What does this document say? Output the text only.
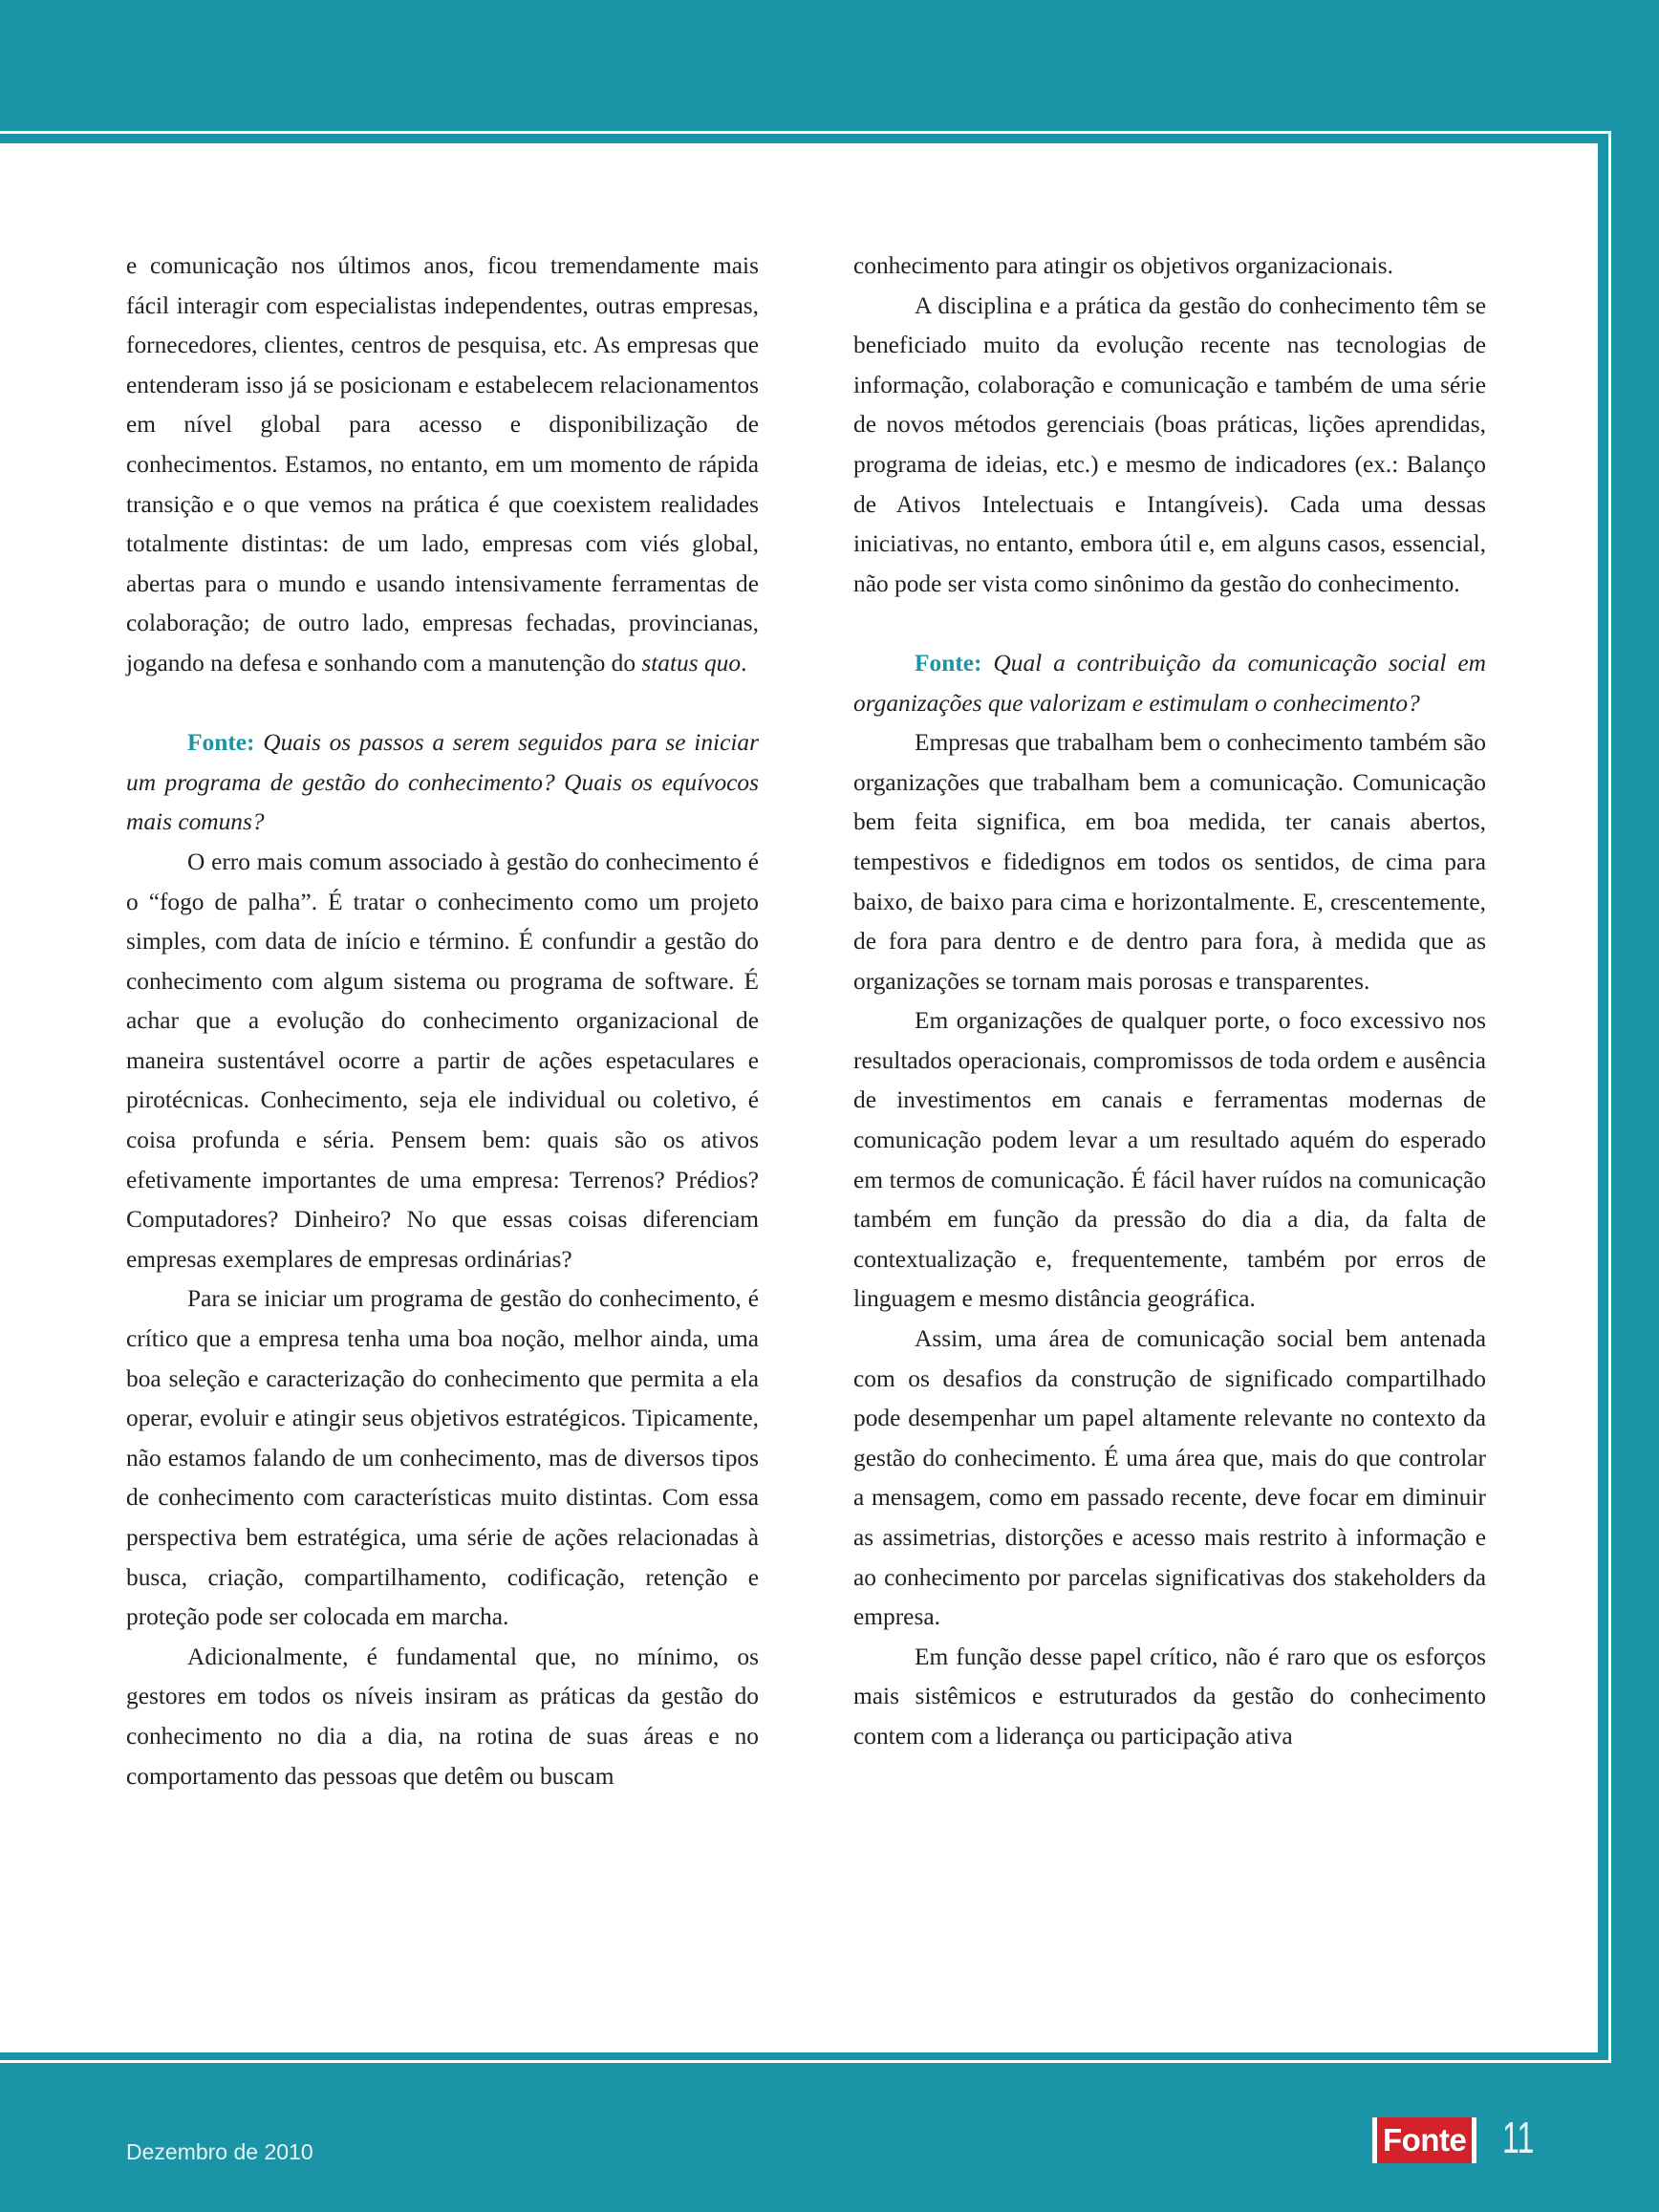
e comunicação nos últimos anos, ficou tremendamente mais fácil interagir com especialistas independentes, outras empresas, fornecedores, clientes, centros de pesquisa, etc. As empresas que entenderam isso já se posicionam e estabelecem relacionamentos em nível global para acesso e disponibilização de conhecimentos. Estamos, no entanto, em um momento de rápida transição e o que vemos na prática é que coexistem realidades totalmente distintas: de um lado, empresas com viés global, abertas para o mundo e usando intensivamente ferramentas de colaboração; de outro lado, empresas fechadas, provincianas, jogando na defesa e sonhando com a manutenção do status quo.

Fonte: Quais os passos a serem seguidos para se iniciar um programa de gestão do conhecimento? Quais os equívocos mais comuns?

O erro mais comum associado à gestão do conhecimento é o “fogo de palha”. É tratar o conhecimento como um projeto simples, com data de início e término. É confundir a gestão do conhecimento com algum sistema ou programa de software. É achar que a evolução do conhecimento organizacional de maneira sustentável ocorre a partir de ações espetaculares e pirotécnicas. Conhecimento, seja ele individual ou coletivo, é coisa profunda e séria. Pensem bem: quais são os ativos efetivamente importantes de uma empresa: Terrenos? Prédios? Computadores? Dinheiro? No que essas coisas diferenciam empresas exemplares de empresas ordinárias?

Para se iniciar um programa de gestão do conhecimento, é crítico que a empresa tenha uma boa noção, melhor ainda, uma boa seleção e caracterização do conhecimento que permita a ela operar, evoluir e atingir seus objetivos estratégicos. Tipicamente, não estamos falando de um conhecimento, mas de diversos tipos de conhecimento com características muito distintas. Com essa perspectiva bem estratégica, uma série de ações relacionadas à busca, criação, compartilhamento, codificação, retenção e proteção pode ser colocada em marcha.

Adicionalmente, é fundamental que, no mínimo, os gestores em todos os níveis insiram as práticas da gestão do conhecimento no dia a dia, na rotina de suas áreas e no comportamento das pessoas que detêm ou buscam

conhecimento para atingir os objetivos organizacionais.

A disciplina e a prática da gestão do conhecimento têm se beneficiado muito da evolução recente nas tecnologias de informação, colaboração e comunicação e também de uma série de novos métodos gerenciais (boas práticas, lições aprendidas, programa de ideias, etc.) e mesmo de indicadores (ex.: Balanço de Ativos Intelectuais e Intangíveis). Cada uma dessas iniciativas, no entanto, embora útil e, em alguns casos, essencial, não pode ser vista como sinônimo da gestão do conhecimento.

Fonte: Qual a contribuição da comunicação social em organizações que valorizam e estimulam o conhecimento?

Empresas que trabalham bem o conhecimento também são organizações que trabalham bem a comunicação. Comunicação bem feita significa, em boa medida, ter canais abertos, tempestivos e fidedignos em todos os sentidos, de cima para baixo, de baixo para cima e horizontalmente. E, crescentemente, de fora para dentro e de dentro para fora, à medida que as organizações se tornam mais porosas e transparentes.

Em organizações de qualquer porte, o foco excessivo nos resultados operacionais, compromissos de toda ordem e ausência de investimentos em canais e ferramentas modernas de comunicação podem levar a um resultado aquém do esperado em termos de comunicação. É fácil haver ruídos na comunicação também em função da pressão do dia a dia, da falta de contextualização e, frequentemente, também por erros de linguagem e mesmo distância geográfica.

Assim, uma área de comunicação social bem antenada com os desafios da construção de significado compartilhado pode desempenhar um papel altamente relevante no contexto da gestão do conhecimento. É uma área que, mais do que controlar a mensagem, como em passado recente, deve focar em diminuir as assimetrias, distorções e acesso mais restrito à informação e ao conhecimento por parcelas significativas dos stakeholders da empresa.

Em função desse papel crítico, não é raro que os esforços mais sistêmicos e estruturados da gestão do conhecimento contem com a liderança ou participação ativa

Dezembro de 2010	Fonte 11
